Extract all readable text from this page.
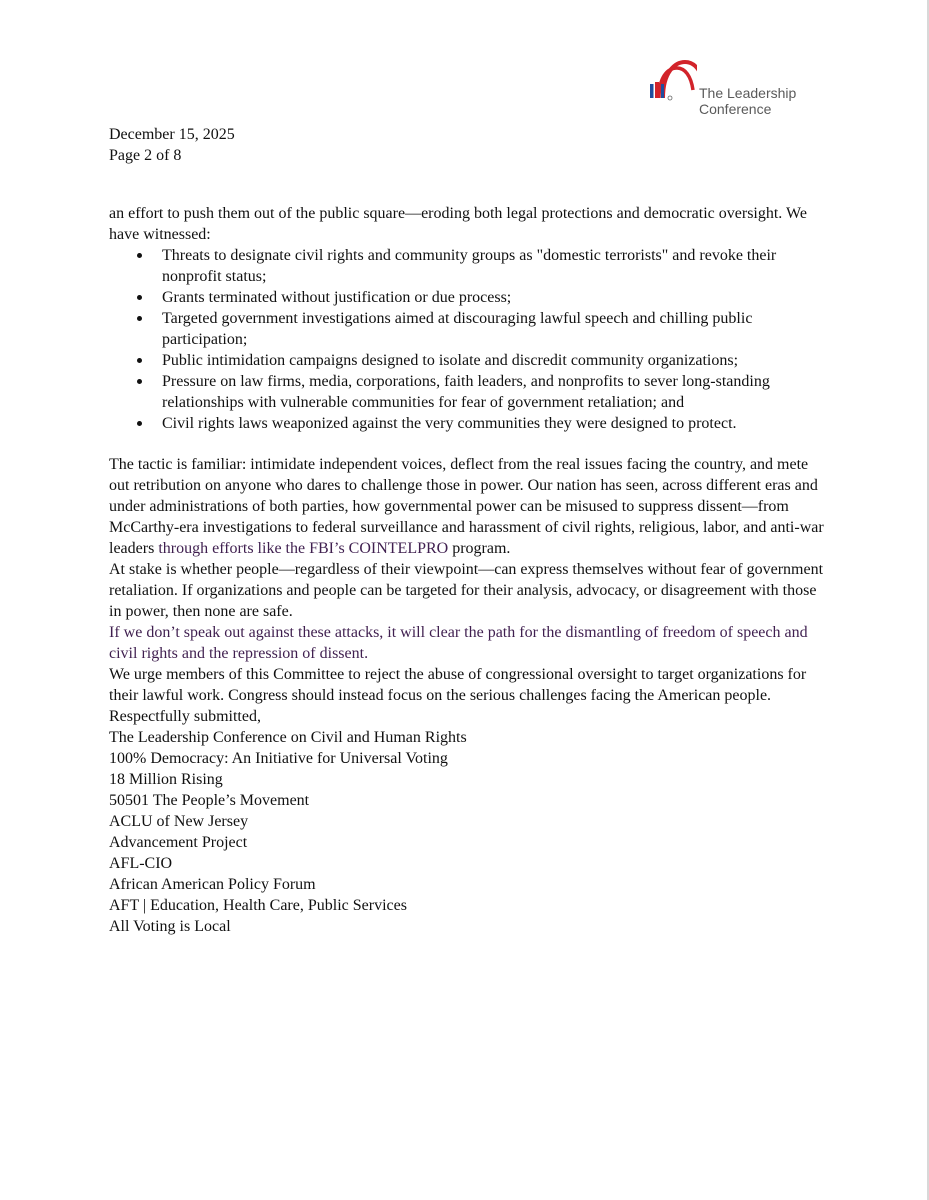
The Leadership
Conference

December 15, 2025

Page 2 of 8

an effort to push them out of the public square—eroding both legal protections and democratic oversight. We have witnessed:

Threats to designate civil rights and community groups as "domestic terrorists" and revoke their nonprofit status;
Grants terminated without justification or due process;
Targeted government investigations aimed at discouraging lawful speech and chilling public participation;
Public intimidation campaigns designed to isolate and discredit community organizations;
Pressure on law firms, media, corporations, faith leaders, and nonprofits to sever long-standing relationships with vulnerable communities for fear of government retaliation; and
Civil rights laws weaponized against the very communities they were designed to protect.

The tactic is familiar: intimidate independent voices, deflect from the real issues facing the country, and mete out retribution on anyone who dares to challenge those in power. Our nation has seen, across different eras and under administrations of both parties, how governmental power can be misused to suppress dissent—from McCarthy-era investigations to federal surveillance and harassment of civil rights, religious, labor, and anti-war leaders through efforts like the FBI’s COINTELPRO program.

At stake is whether people—regardless of their viewpoint—can express themselves without fear of government retaliation. If organizations and people can be targeted for their analysis, advocacy, or disagreement with those in power, then none are safe.

If we don’t speak out against these attacks, it will clear the path for the dismantling of freedom of speech and civil rights and the repression of dissent.

We urge members of this Committee to reject the abuse of congressional oversight to target organizations for their lawful work. Congress should instead focus on the serious challenges facing the American people.

Respectfully submitted,

The Leadership Conference on Civil and Human Rights

100% Democracy: An Initiative for Universal Voting

18 Million Rising

50501 The People’s Movement

ACLU of New Jersey

Advancement Project

AFL-CIO

African American Policy Forum

AFT | Education, Health Care, Public Services

All Voting is Local
